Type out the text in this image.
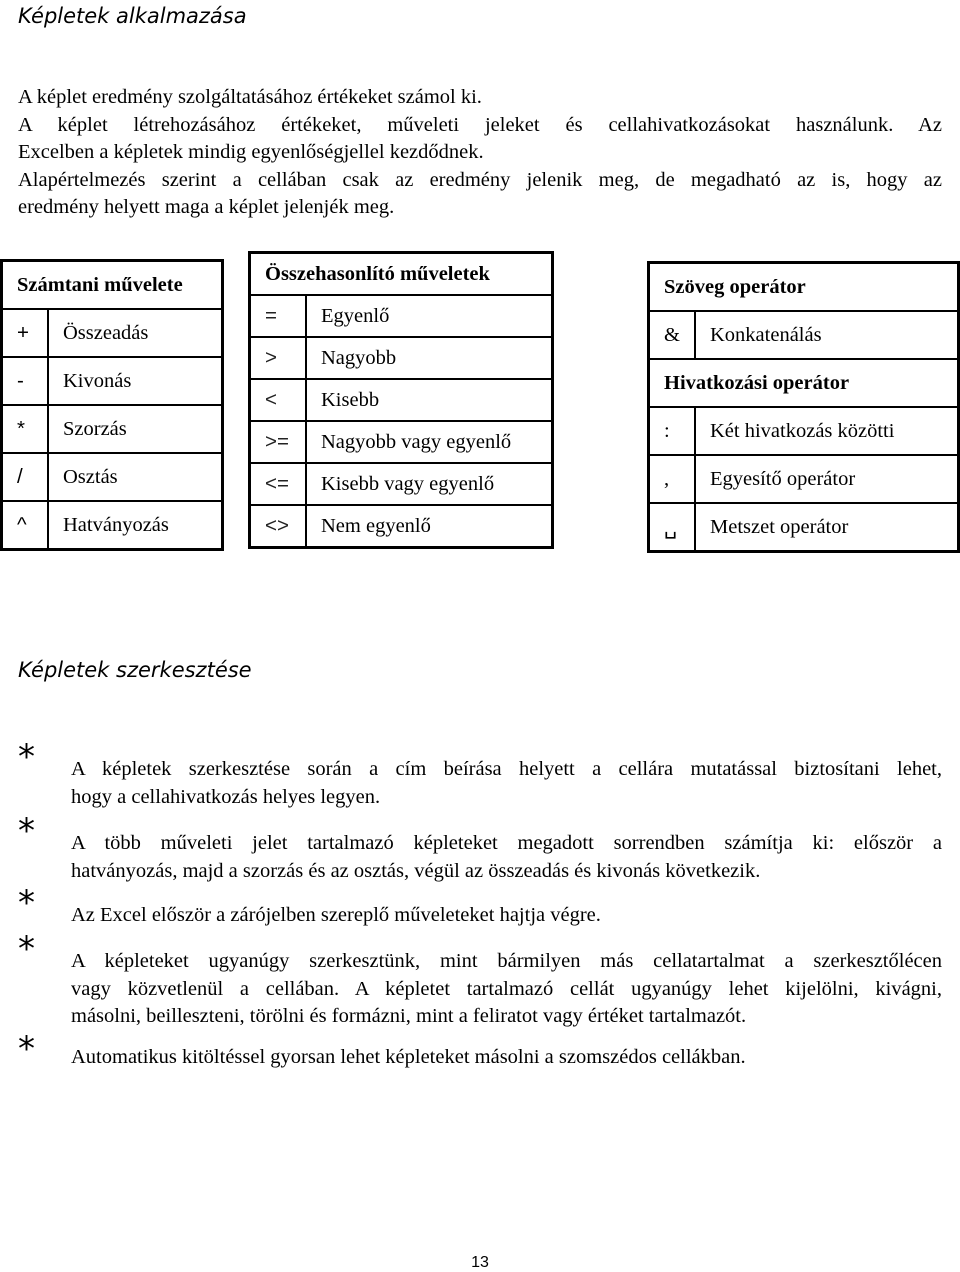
Képletek alkalmazása
A képlet eredmény szolgáltatásához értékeket számol ki.
A képlet létrehozásához értékeket, műveleti jeleket és cellahivatkozásokat használunk. Az
Excelben a képletek mindig egyenlőségjellel kezdődnek.
Alapértelmezés szerint a cellában csak az eredmény jelenik meg, de megadható az is, hogy az
eredmény helyett maga a képlet jelenjék meg.
Számtani művelete	
+	Összeadás
-	Kivonás
*	Szorzás
/	Osztás
^	Hatványozás
Összehasonlító műveletek	
=	Egyenlő
>	Nagyobb
<	Kisebb
>=	Nagyobb vagy egyenlő
<=	Kisebb vagy egyenlő
<>	Nem egyenlő
Szöveg operátor	
&	Konkatenálás
Hivatkozási operátor	
:	Két hivatkozás közötti
,	Egyesítő operátor
␣	Metszet operátor
Képletek szerkesztése
* A képletek szerkesztése során a cím beírása helyett a cellára mutatással biztosítani lehet,
hogy a cellahivatkozás helyes legyen.
* A több műveleti jelet tartalmazó képleteket megadott sorrendben számítja ki: először a
hatványozás, majd a szorzás és az osztás, végül az összeadás és kivonás következik.
* Az Excel először a zárójelben szereplő műveleteket hajtja végre.
* A képleteket ugyanúgy szerkesztünk, mint bármilyen más cellatartalmat a szerkesztőlécen
vagy közvetlenül a cellában. A képletet tartalmazó cellát ugyanúgy lehet kijelölni, kivágni,
másolni, beilleszteni, törölni és formázni, mint a feliratot vagy értéket tartalmazót.
* Automatikus kitöltéssel gyorsan lehet képleteket másolni a szomszédos cellákban.
13
